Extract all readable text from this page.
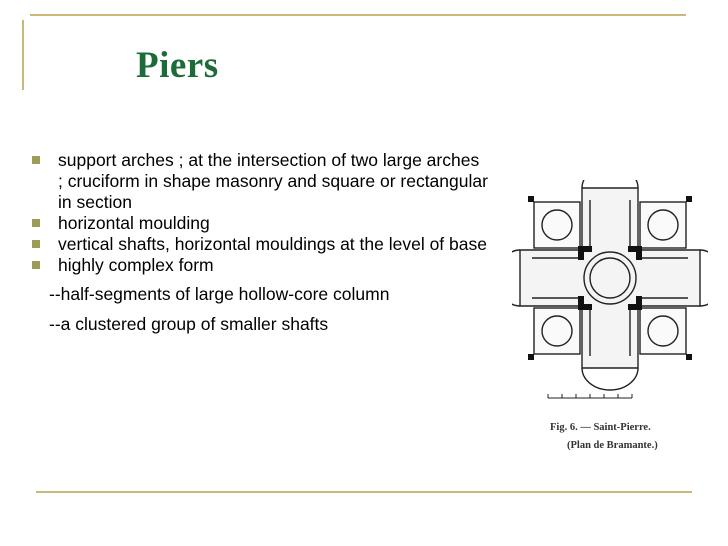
Piers
support arches ; at the intersection of two large arches ; cruciform in shape masonry and square or rectangular in section
horizontal moulding
vertical shafts, horizontal mouldings at the level of base
highly complex form
--half-segments of large hollow-core column
--a clustered group of smaller shafts
Fig. 6. — Saint-Pierre.
(Plan de Bramante.)
